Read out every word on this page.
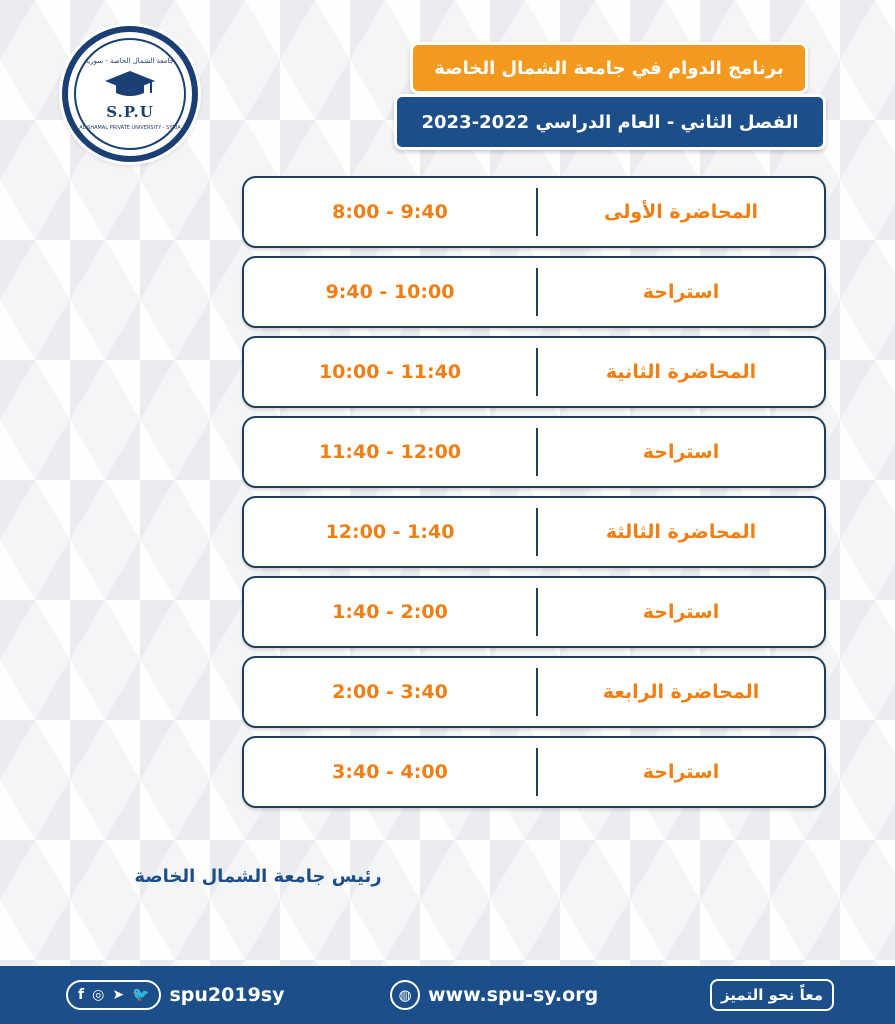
جامعة الشمال الخاصة - سوريا
S.P.U
AL-SHAMAL PRIVATE UNIVERSITY - SYRIA
برنامج الدوام في جامعة الشمال الخاصة
الفصل الثاني - العام الدراسي 2022-2023
8:00 - 9:40	المحاضرة الأولى
9:40 - 10:00	استراحة
10:00 - 11:40	المحاضرة الثانية
11:40 - 12:00	استراحة
12:00 - 1:40	المحاضرة الثالثة
1:40 - 2:00	استراحة
2:00 - 3:40	المحاضرة الرابعة
3:40 - 4:00	استراحة
رئيس جامعة الشمال الخاصة
f ◎ ➤ 🐦 spu2019sy	◍ www.spu-sy.org	معاً نحو التميز
